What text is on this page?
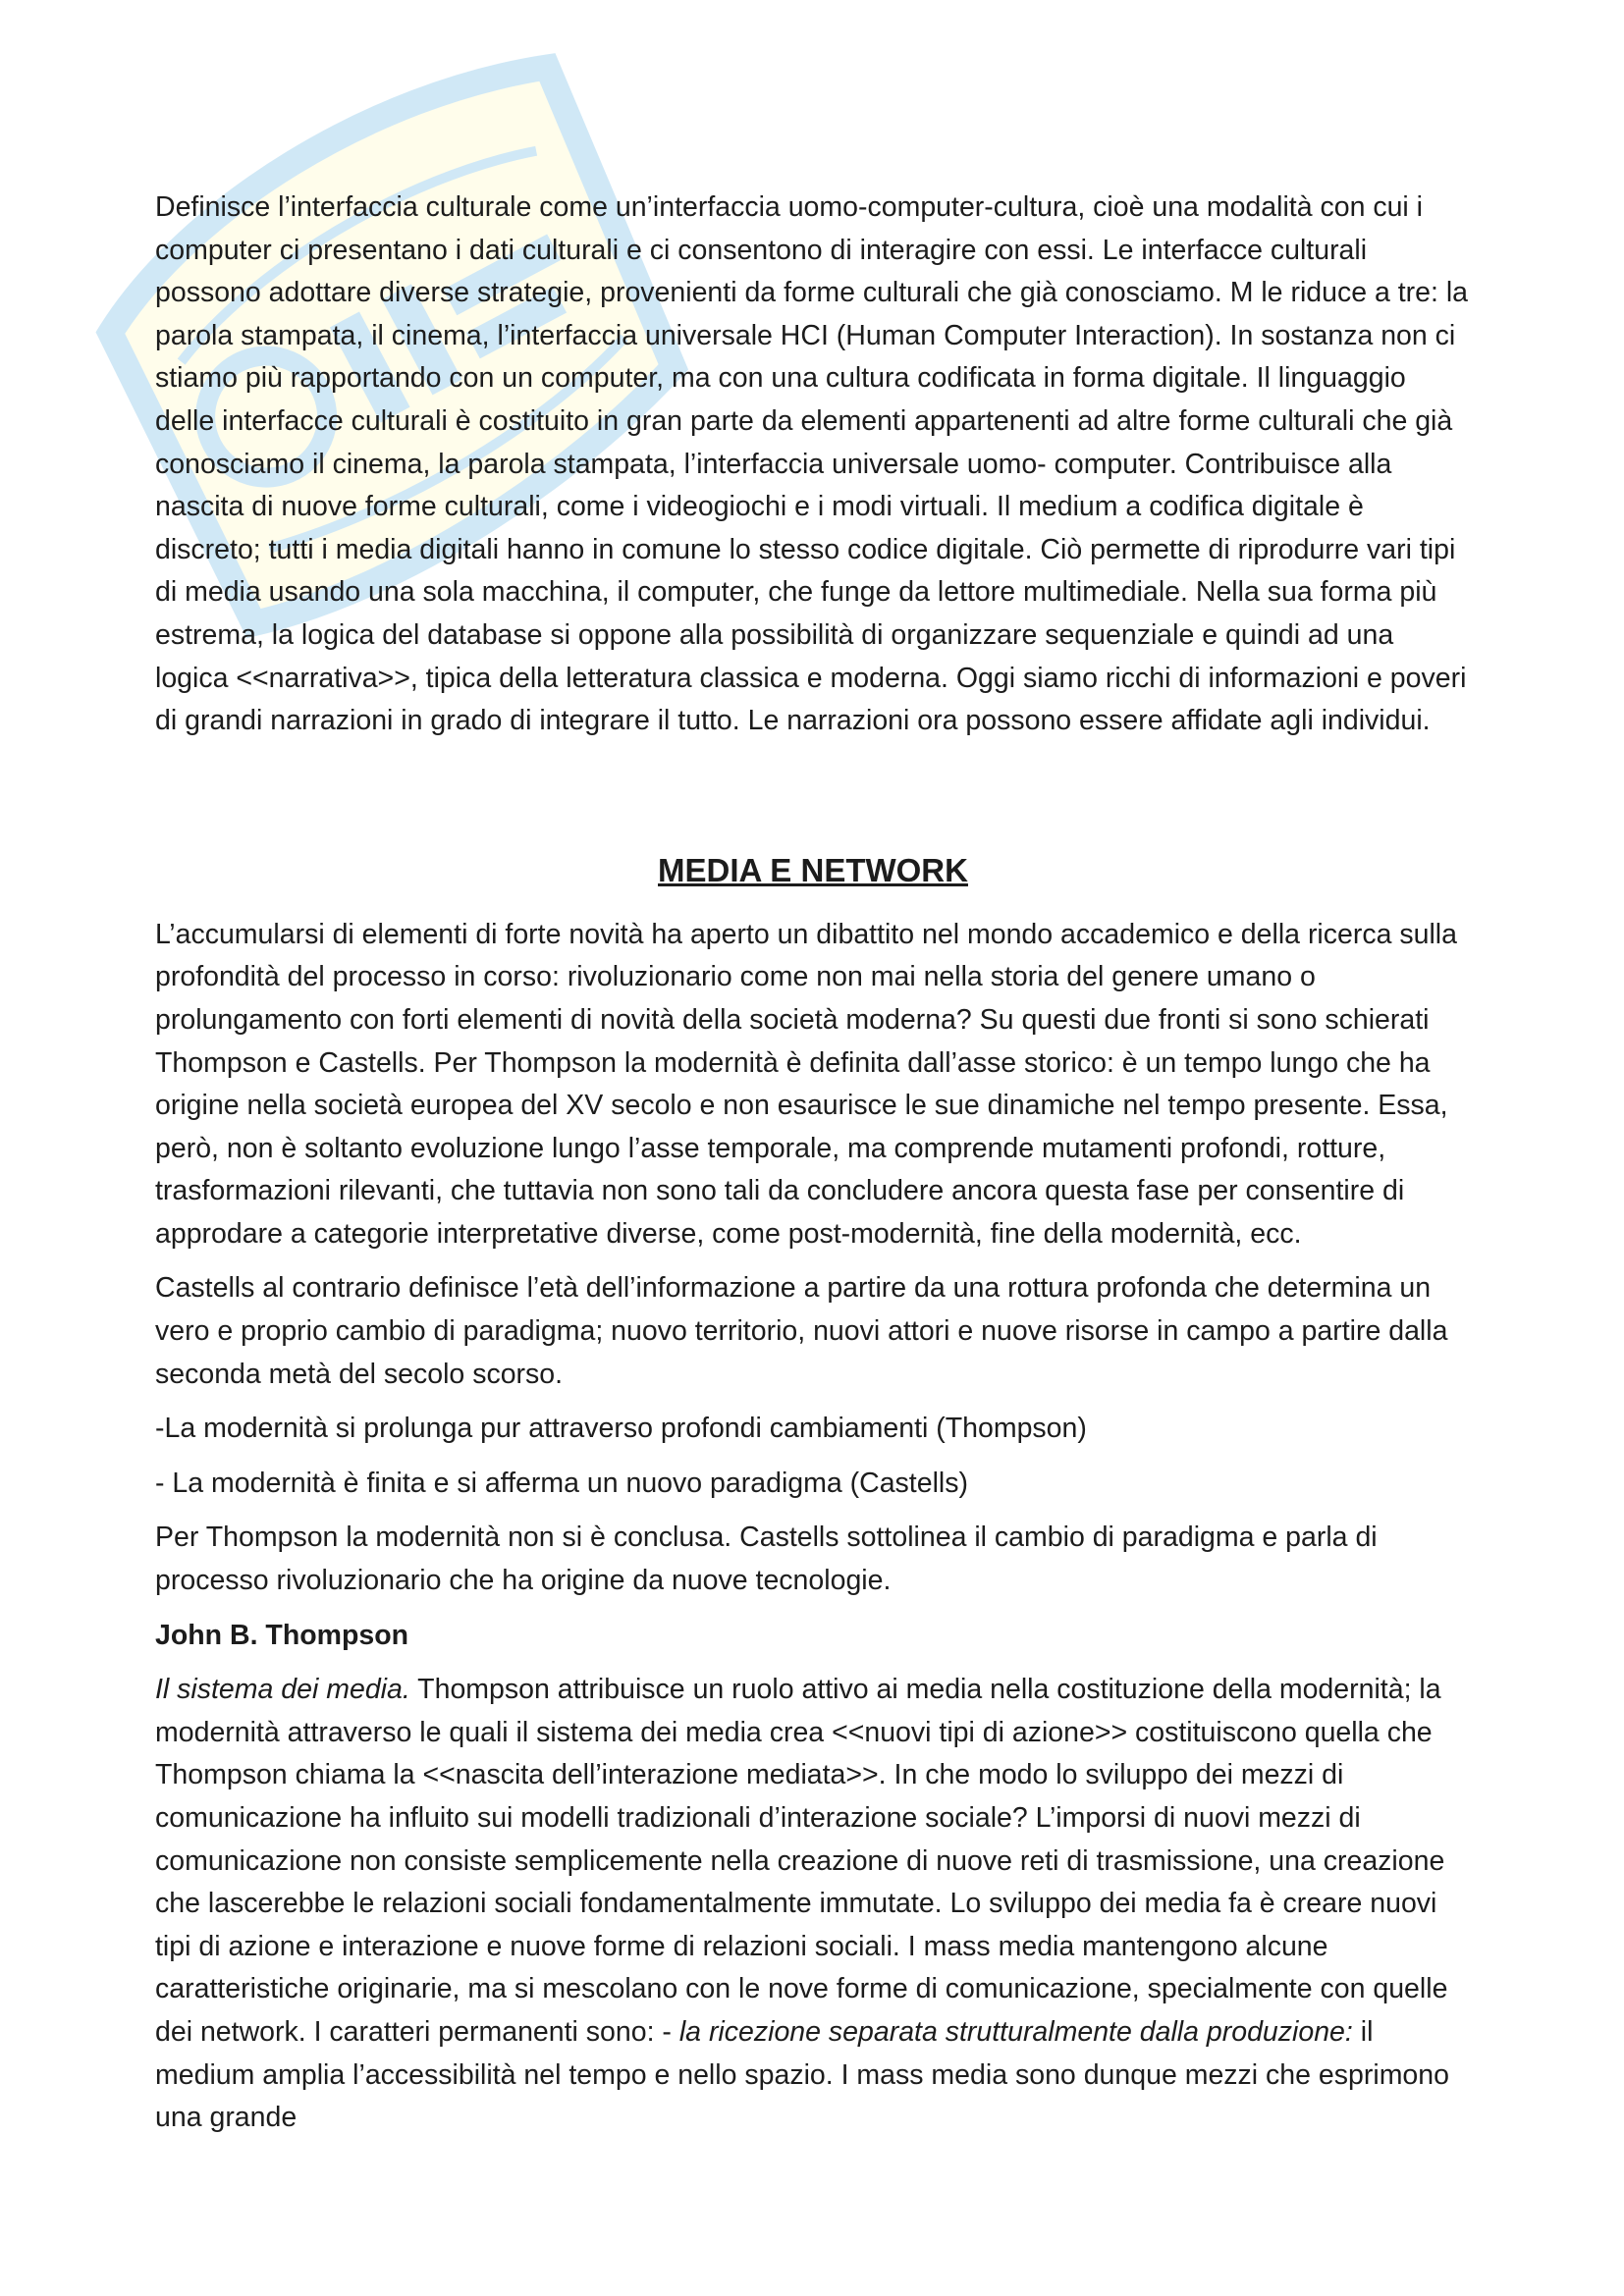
Definisce l’interfaccia culturale come un’interfaccia uomo-computer-cultura, cioè una modalità con cui i computer ci presentano i dati culturali e ci consentono di interagire con essi. Le interfacce culturali possono adottare diverse strategie, provenienti da forme culturali che già conosciamo. M le riduce a tre: la parola stampata, il cinema, l’interfaccia universale HCI (Human Computer Interaction). In sostanza non ci stiamo più rapportando con un computer, ma con una cultura codificata in forma digitale. Il linguaggio delle interfacce culturali è costituito in gran parte da elementi appartenenti ad altre forme culturali che già conosciamo il cinema, la parola stampata, l’interfaccia universale uomo- computer. Contribuisce alla nascita di nuove forme culturali, come i videogiochi e i modi virtuali. Il medium a codifica digitale è discreto; tutti i media digitali hanno in comune lo stesso codice digitale. Ciò permette di riprodurre vari tipi di media usando una sola macchina, il computer, che funge da lettore multimediale. Nella sua forma più estrema, la logica del database si oppone alla possibilità di organizzare sequenziale e quindi ad una logica <<narrativa>>, tipica della letteratura classica e moderna. Oggi siamo ricchi di informazioni e poveri di grandi narrazioni in grado di integrare il tutto. Le narrazioni ora possono essere affidate agli individui.

MEDIA E NETWORK

L’accumularsi di elementi di forte novità ha aperto un dibattito nel mondo accademico e della ricerca sulla profondità del processo in corso: rivoluzionario come non mai nella storia del genere umano o prolungamento con forti elementi di novità della società moderna? Su questi due fronti si sono schierati Thompson e Castells. Per Thompson la modernità è definita dall’asse storico: è un tempo lungo che ha origine nella società europea del XV secolo e non esaurisce le sue dinamiche nel tempo presente. Essa, però, non è soltanto evoluzione lungo l’asse temporale, ma comprende mutamenti profondi, rotture, trasformazioni rilevanti, che tuttavia non sono tali da concludere ancora questa fase per consentire di approdare a categorie interpretative diverse, come post-modernità, fine della modernità, ecc.

Castells al contrario definisce l’età dell’informazione a partire da una rottura profonda che determina un vero e proprio cambio di paradigma; nuovo territorio, nuovi attori e nuove risorse in campo a partire dalla seconda metà del secolo scorso.

-La modernità si prolunga pur attraverso profondi cambiamenti (Thompson)

- La modernità è finita e si afferma un nuovo paradigma (Castells)

Per Thompson la modernità non si è conclusa. Castells sottolinea il cambio di paradigma e parla di processo rivoluzionario che ha origine da nuove tecnologie.

John B. Thompson

Il sistema dei media. Thompson attribuisce un ruolo attivo ai media nella costituzione della modernità; la modernità attraverso le quali il sistema dei media crea <<nuovi tipi di azione>> costituiscono quella che Thompson chiama la <<nascita dell’interazione mediata>>. In che modo lo sviluppo dei mezzi di comunicazione ha influito sui modelli tradizionali d’interazione sociale? L’imporsi di nuovi mezzi di comunicazione non consiste semplicemente nella creazione di nuove reti di trasmissione, una creazione che lascerebbe le relazioni sociali fondamentalmente immutate. Lo sviluppo dei media fa è creare nuovi tipi di azione e interazione e nuove forme di relazioni sociali. I mass media mantengono alcune caratteristiche originarie, ma si mescolano con le nove forme di comunicazione, specialmente con quelle dei network. I caratteri permanenti sono: - la ricezione separata strutturalmente dalla produzione: il medium amplia l’accessibilità nel tempo e nello spazio. I mass media sono dunque mezzi che esprimono una grande
